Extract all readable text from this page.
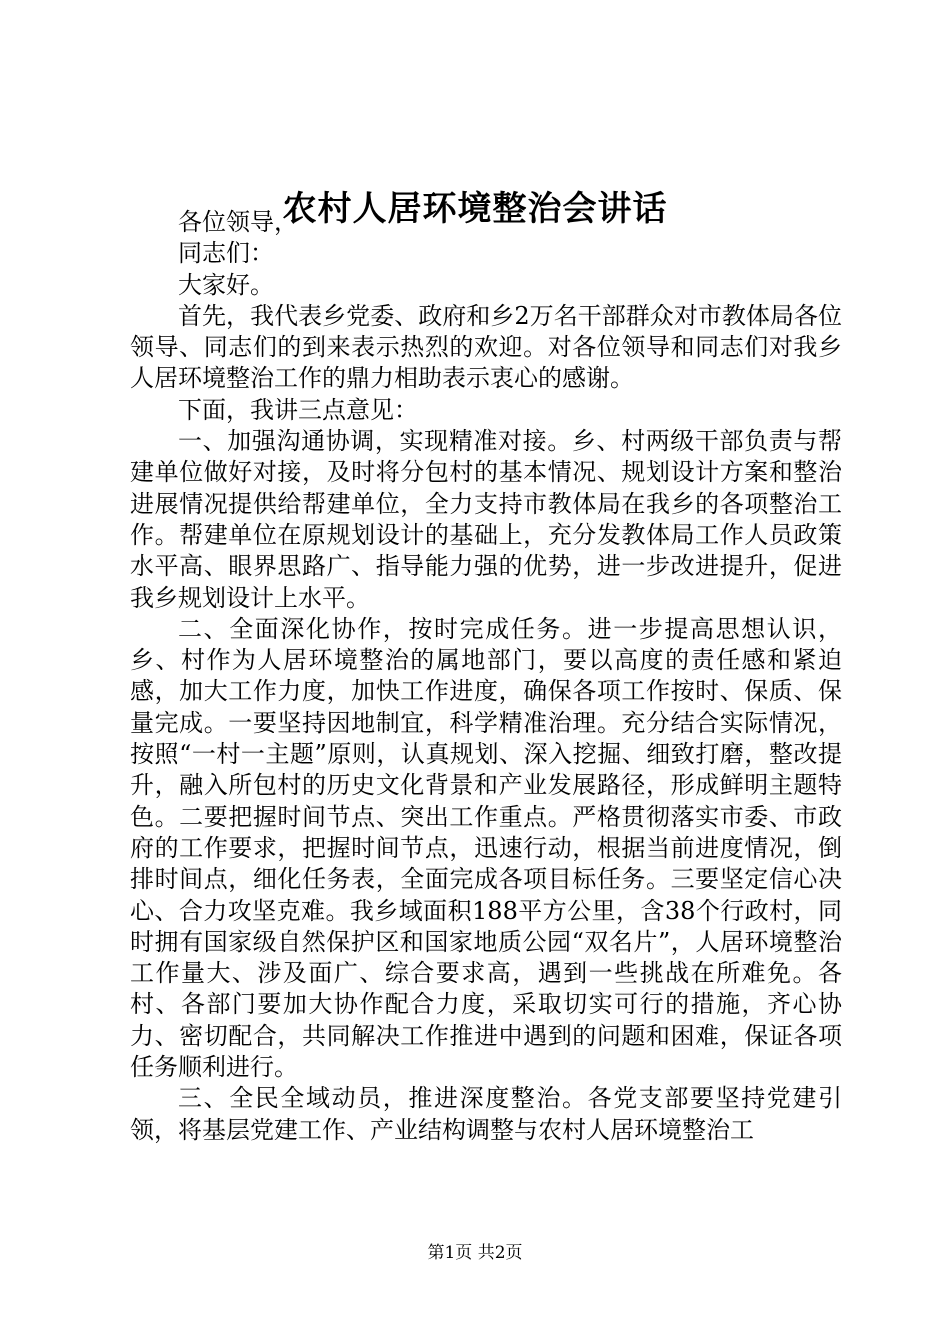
农村人居环境整治会讲话

各位领导，

同志们：

大家好。

首先，我代表乡党委、政府和乡2万名干部群众对市教体局各位领导、同志们的到来表示热烈的欢迎。对各位领导和同志们对我乡人居环境整治工作的鼎力相助表示衷心的感谢。

下面，我讲三点意见：

一、加强沟通协调，实现精准对接。乡、村两级干部负责与帮建单位做好对接，及时将分包村的基本情况、规划设计方案和整治进展情况提供给帮建单位，全力支持市教体局在我乡的各项整治工作。帮建单位在原规划设计的基础上，充分发教体局工作人员政策水平高、眼界思路广、指导能力强的优势，进一步改进提升，促进我乡规划设计上水平。

二、全面深化协作，按时完成任务。进一步提高思想认识，乡、村作为人居环境整治的属地部门，要以高度的责任感和紧迫感，加大工作力度，加快工作进度，确保各项工作按时、保质、保量完成。一要坚持因地制宜，科学精准治理。充分结合实际情况，按照“一村一主题”原则，认真规划、深入挖掘、细致打磨，整改提升，融入所包村的历史文化背景和产业发展路径，形成鲜明主题特色。二要把握时间节点、突出工作重点。严格贯彻落实市委、市政府的工作要求，把握时间节点，迅速行动，根据当前进度情况，倒排时间点，细化任务表，全面完成各项目标任务。三要坚定信心决心、合力攻坚克难。我乡域面积188平方公里，含38个行政村，同时拥有国家级自然保护区和国家地质公园“双名片”，人居环境整治工作量大、涉及面广、综合要求高，遇到一些挑战在所难免。各村、各部门要加大协作配合力度，采取切实可行的措施，齐心协力、密切配合，共同解决工作推进中遇到的问题和困难，保证各项任务顺利进行。

三、全民全域动员，推进深度整治。各党支部要坚持党建引领，将基层党建工作、产业结构调整与农村人居环境整治工

第1页 共2页
